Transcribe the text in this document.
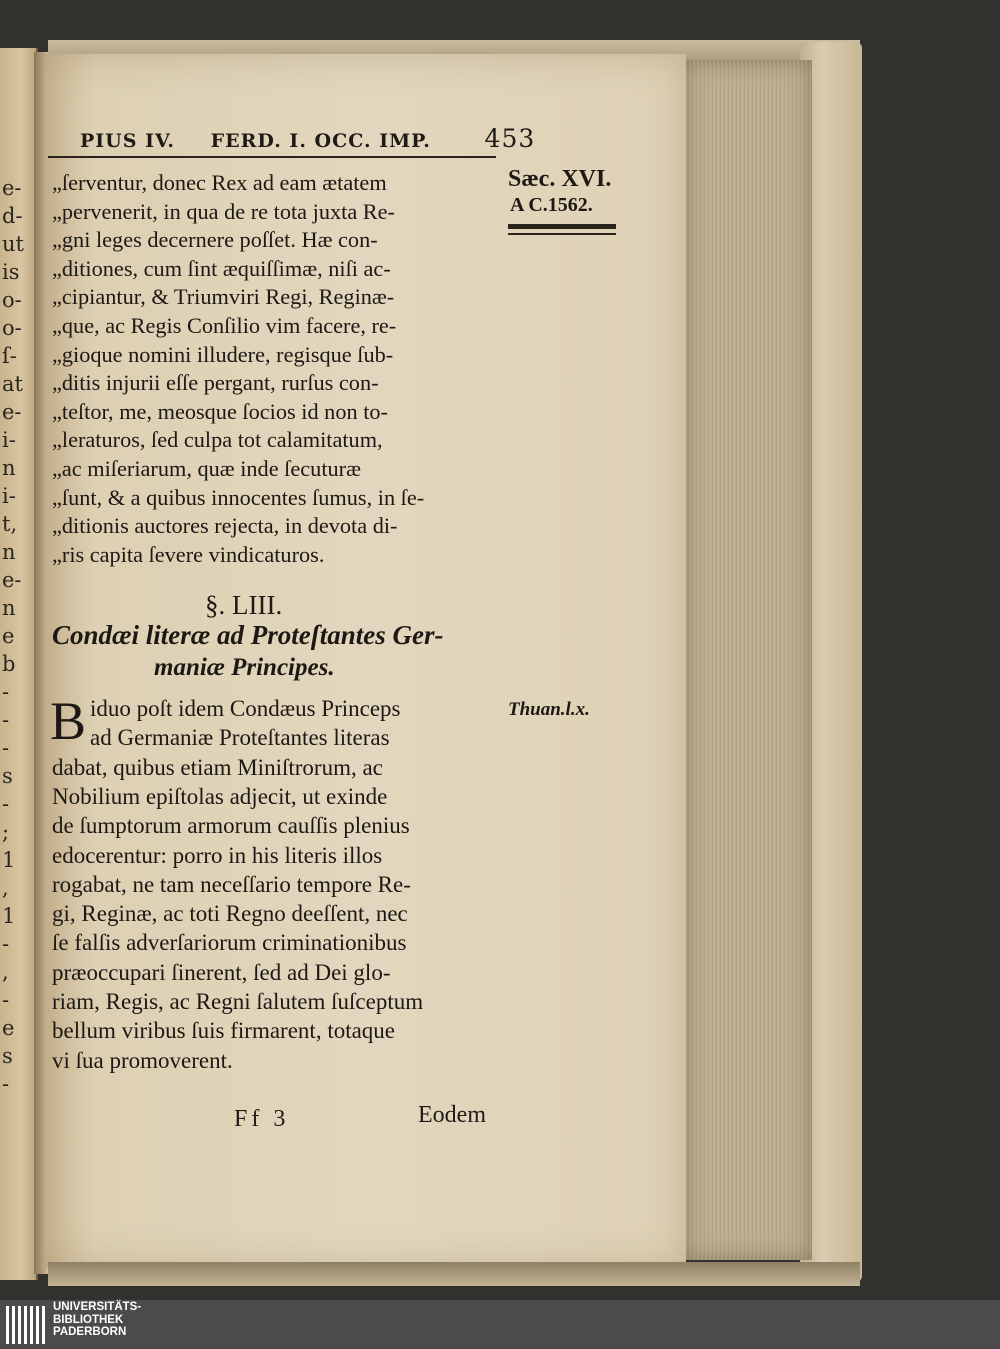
e-
d-
ut
is
o-
o-
ſ-
at
e-
i-
n
i-
t,
n
e-
n
e
b
-
-
-
s
-
;
1
,
1
-
,
-
e
s
-
PIUS IV. FERD. I. OCC. IMP. 453
Sæc. XVI.
A C.1562.
Thuan.l.x.
„ſerventur, donec Rex ad eam ætatem
„pervenerit, in qua de re tota juxta Re-
„gni leges decernere poſſet. Hæ con-
„ditiones, cum ſint æquiſſimæ, niſi ac-
„cipiantur, & Triumviri Regi, Reginæ-
„que, ac Regis Conſilio vim facere, re-
„gioque nomini illudere, regisque ſub-
„ditis injurii eſſe pergant, rurſus con-
„teſtor, me, meosque ſocios id non to-
„leraturos, ſed culpa tot calamitatum,
„ac miſeriarum, quæ inde ſecuturæ
„ſunt, & a quibus innocentes ſumus, in ſe-
„ditionis auctores rejecta, in devota di-
„ris capita ſevere vindicaturos.
§. LIII.
Condæi literæ ad Proteſtantes Ger-
maniæ Principes.
B iduo poſt idem Condæus Princeps
ad Germaniæ Proteſtantes literas
dabat, quibus etiam Miniſtrorum, ac
Nobilium epiſtolas adjecit, ut exinde
de ſumptorum armorum cauſſis plenius
edocerentur: porro in his literis illos
rogabat, ne tam neceſſario tempore Re-
gi, Reginæ, ac toti Regno deeſſent, nec
ſe falſis adverſariorum criminationibus
præoccupari ſinerent, ſed ad Dei glo-
riam, Regis, ac Regni ſalutem ſuſceptum
bellum viribus ſuis firmarent, totaque
vi ſua promoverent.
Ff 3	Eodem
UNIVERSITÄTS-
BIBLIOTHEK
PADERBORN
